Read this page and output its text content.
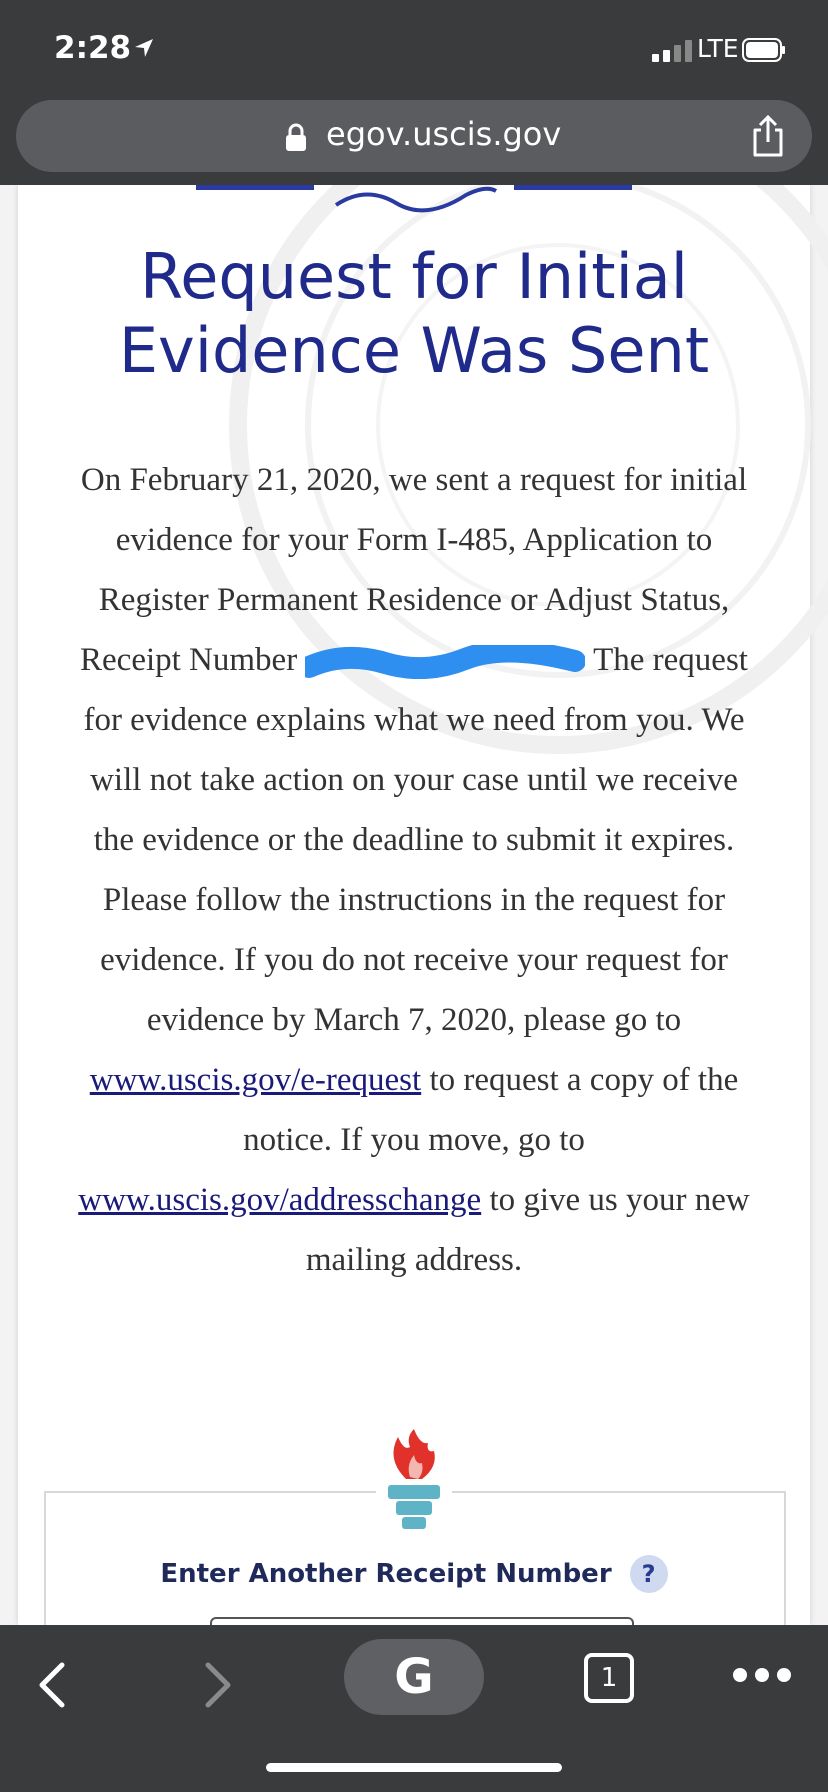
2:28	LTE
egov.uscis.gov
Request for Initial
Evidence Was Sent
On February 21, 2020, we sent a request for initial evidence for your Form I-485, Application to Register Permanent Residence or Adjust Status, Receipt Number	The request for evidence explains what we need from you. We will not take action on your case until we receive the evidence or the deadline to submit it expires. Please follow the instructions in the request for evidence. If you do not receive your request for evidence by March 7, 2020, please go to www.uscis.gov/e-request to request a copy of the notice. If you move, go to www.uscis.gov/addresschange to give us your new mailing address.
Enter Another Receipt Number ?
G	1
